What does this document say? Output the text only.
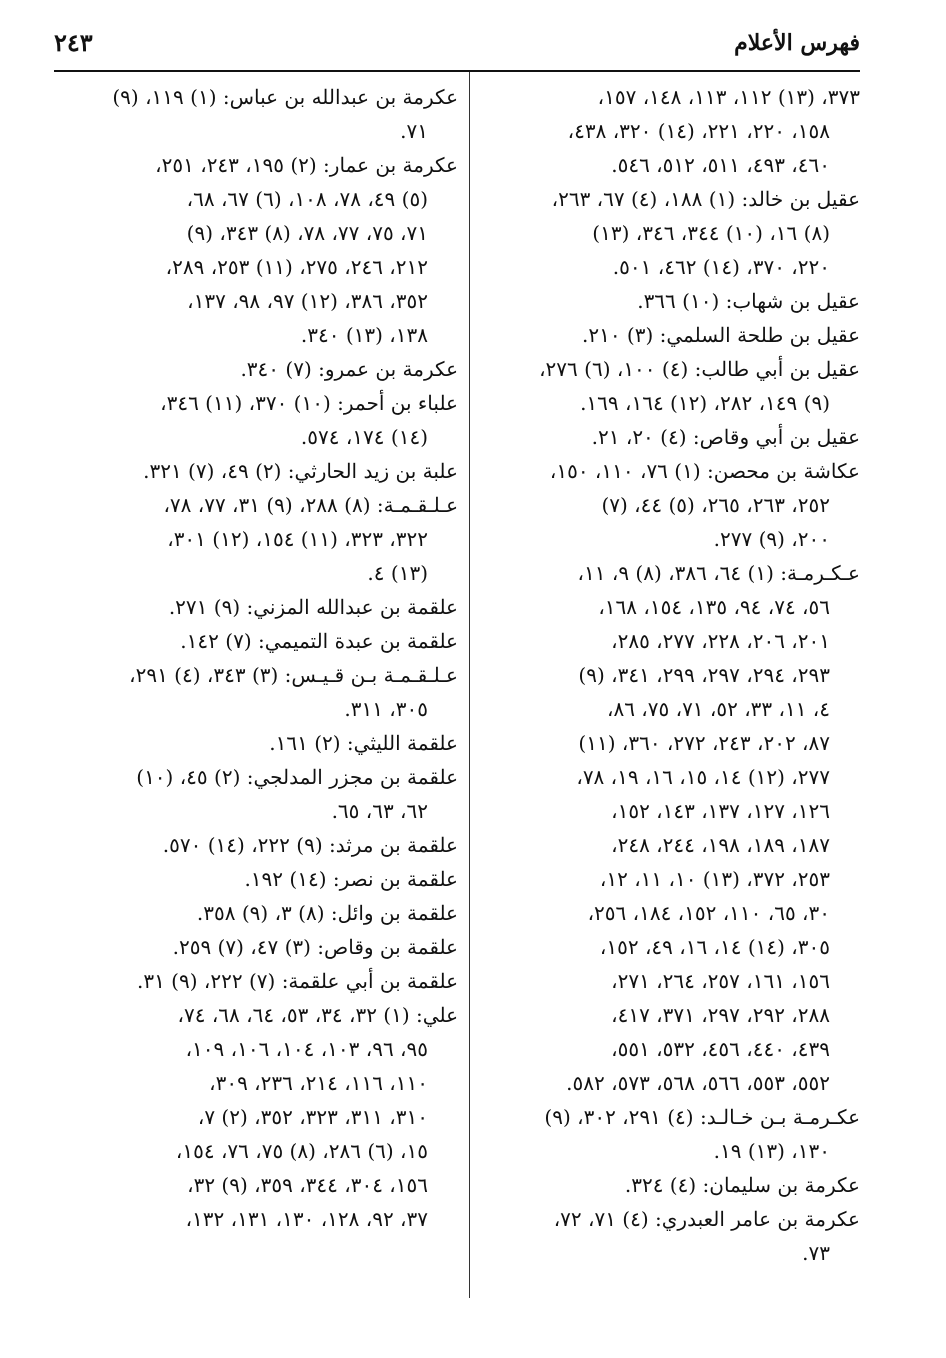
٢٤٣	فهرس الأعلام
٣٧٣، (١٣) ١١٢، ١١٣، ١٤٨، ١٥٧،
١٥٨، ٢٢٠، ٢٢١، (١٤) ٣٢٠، ٤٣٨،
٤٦٠، ٤٩٣، ٥١١، ٥١٢، ٥٤٦.
عقيل بن خالد: (١) ١٨٨، (٤) ٦٧، ٢٦٣،
(٨) ١٦، (١٠) ٣٤٤، ٣٤٦، (١٣)
٢٢٠، ٣٧٠، (١٤) ٤٦٢، ٥٠١.
عقيل بن شهاب: (١٠) ٣٦٦.
عقيل بن طلحة السلمي: (٣) ٢١٠.
عقيل بن أبي طالب: (٤) ١٠٠، (٦) ٢٧٦،
(٩) ١٤٩، ٢٨٢، (١٢) ١٦٤، ١٦٩.
عقيل بن أبي وقاص: (٤) ٢٠، ٢١.
عكاشة بن محصن: (١) ٧٦، ١١٠، ١٥٠،
٢٥٢، ٢٦٣، ٢٦٥، (٥) ٤٤، (٧)
٢٠٠، (٩) ٢٧٧.
عـكـرمـة: (١) ٦٤، ٣٨٦، (٨) ٩، ١١،
٥٦، ٧٤، ٩٤، ١٣٥، ١٥٤، ١٦٨،
٢٠١، ٢٠٦، ٢٢٨، ٢٧٧، ٢٨٥،
٢٩٣، ٢٩٤، ٢٩٧، ٢٩٩، ٣٤١، (٩)
٤، ١١، ٣٣، ٥٢، ٧١، ٧٥، ٨٦،
٨٧، ٢٠٢، ٢٤٣، ٢٧٢، ٣٦٠، (١١)
٢٧٧، (١٢) ١٤، ١٥، ١٦، ١٩، ٧٨،
١٢٦، ١٢٧، ١٣٧، ١٤٣، ١٥٢،
١٨٧، ١٨٩، ١٩٨، ٢٤٤، ٢٤٨،
٢٥٣، ٣٧٢، (١٣) ١٠، ١١، ١٢،
٣٠، ٦٥، ١١٠، ١٥٢، ١٨٤، ٢٥٦،
٣٠٥، (١٤) ١٤، ١٦، ٤٩، ١٥٢،
١٥٦، ١٦١، ٢٥٧، ٢٦٤، ٢٧١،
٢٨٨، ٢٩٢، ٢٩٧، ٣٧١، ٤١٧،
٤٣٩، ٤٤٠، ٤٥٦، ٥٣٢، ٥٥١،
٥٥٢، ٥٥٣، ٥٦٦، ٥٦٨، ٥٧٣، ٥٨٢.
عكـرمـة بـن خـالـد: (٤) ٢٩١، ٣٠٢، (٩)
١٣٠، (١٣) ١٩.
عكرمة بن سليمان: (٤) ٣٢٤.
عكرمة بن عامر العبدري: (٤) ٧١، ٧٢،
٧٣.
عكرمة بن عبدالله بن عباس: (١) ١١٩، (٩)
٧١.
عكرمة بن عمار: (٢) ١٩٥، ٢٤٣، ٢٥١،
(٥) ٤٩، ٧٨، ١٠٨، (٦) ٦٧، ٦٨،
٧١، ٧٥، ٧٧، ٧٨، (٨) ٣٤٣، (٩)
٢١٢، ٢٤٦، ٢٧٥، (١١) ٢٥٣، ٢٨٩،
٣٥٢، ٣٨٦، (١٢) ٩٧، ٩٨، ١٣٧،
١٣٨، (١٣) ٣٤٠.
عكرمة بن عمرو: (٧) ٣٤٠.
علباء بن أحمر: (١٠) ٣٧٠، (١١) ٣٤٦،
(١٤) ١٧٤، ٥٧٤.
علبة بن زيد الحارثي: (٢) ٤٩، (٧) ٣٢١.
عـلـقـمـة: (٨) ٢٨٨، (٩) ٣١، ٧٧، ٧٨،
٣٢٢، ٣٢٣، (١١) ١٥٤، (١٢) ٣٠١،
(١٣) ٤.
علقمة بن عبدالله المزني: (٩) ٢٧١.
علقمة بن عبدة التميمي: (٧) ١٤٢.
عـلـقـمـة بـن قـيـس: (٣) ٣٤٣، (٤) ٢٩١،
٣٠٥، ٣١١.
علقمة الليثي: (٢) ١٦١.
علقمة بن مجزر المدلجي: (٢) ٤٥، (١٠)
٦٢، ٦٣، ٦٥.
علقمة بن مرثد: (٩) ٢٢٢، (١٤) ٥٧٠.
علقمة بن نصر: (١٤) ١٩٢.
علقمة بن وائل: (٨) ٣، (٩) ٣٥٨.
علقمة بن وقاص: (٣) ٤٧، (٧) ٢٥٩.
علقمة بن أبي علقمة: (٧) ٢٢٢، (٩) ٣١.
علي: (١) ٣٢، ٣٤، ٥٣، ٦٤، ٦٨، ٧٤،
٩٥، ٩٦، ١٠٣، ١٠٤، ١٠٦، ١٠٩،
١١٠، ١١٦، ٢١٤، ٢٣٦، ٣٠٩،
٣١٠، ٣١١، ٣٢٣، ٣٥٢، (٢) ٧،
١٥، (٦) ٢٨٦، (٨) ٧٥، ٧٦، ١٥٤،
١٥٦، ٣٠٤، ٣٤٤، ٣٥٩، (٩) ٣٢،
٣٧، ٩٢، ١٢٨، ١٣٠، ١٣١، ١٣٢،
